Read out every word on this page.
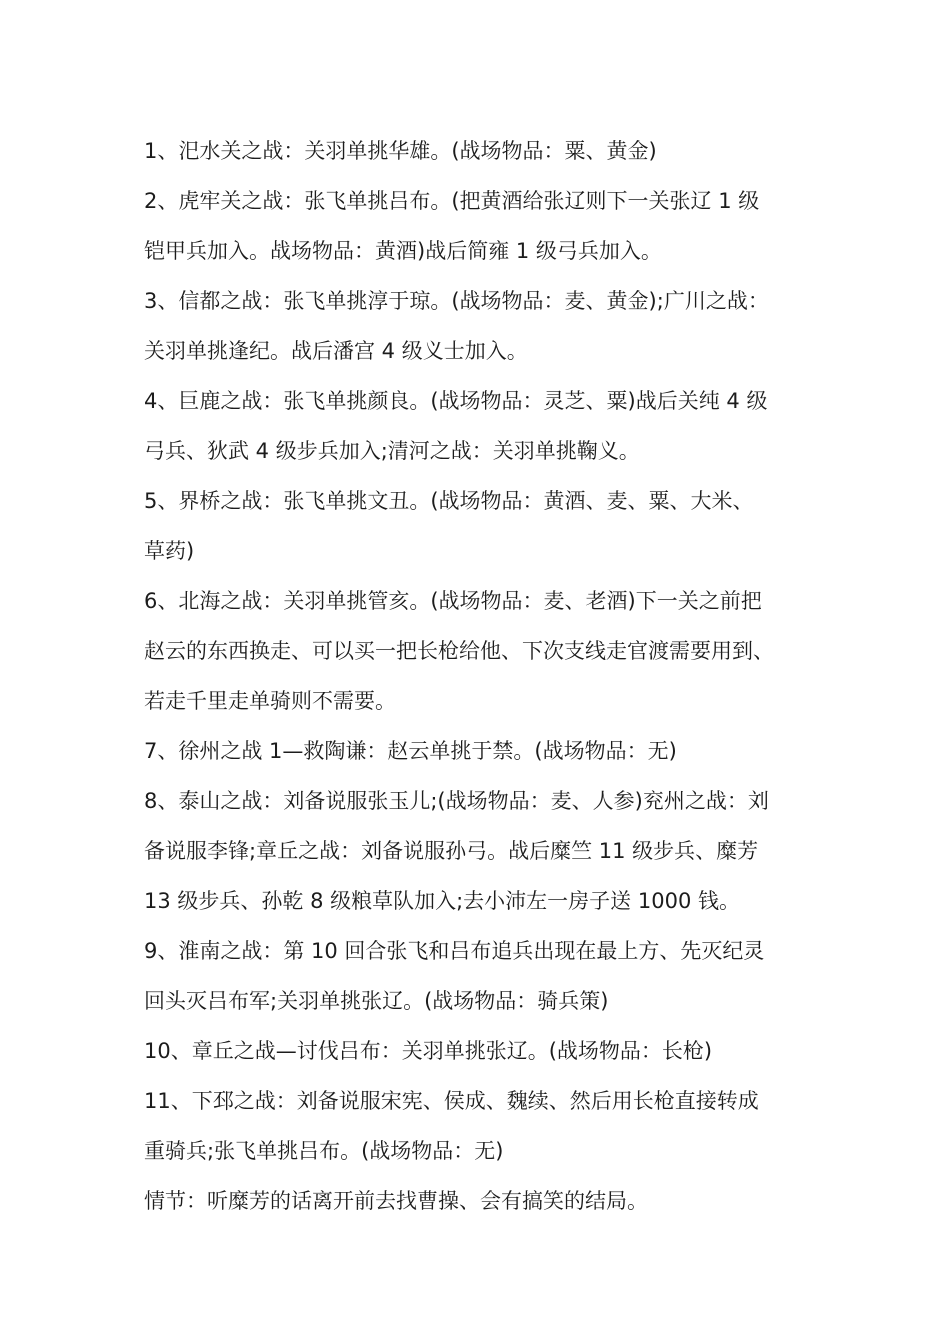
1、汜水关之战：关羽单挑华雄。(战场物品：粟、黄金)
2、虎牢关之战：张飞单挑吕布。(把黄酒给张辽则下一关张辽 1 级
铠甲兵加入。战场物品：黄酒)战后简雍 1 级弓兵加入。
3、信都之战：张飞单挑淳于琼。(战场物品：麦、黄金);广川之战：
关羽单挑逢纪。战后潘宫 4 级义士加入。
4、巨鹿之战：张飞单挑颜良。(战场物品：灵芝、粟)战后关纯 4 级
弓兵、狄武 4 级步兵加入;清河之战：关羽单挑鞠义。
5、界桥之战：张飞单挑文丑。(战场物品：黄酒、麦、粟、大米、
草药)
6、北海之战：关羽单挑管亥。(战场物品：麦、老酒)下一关之前把
赵云的东西换走、可以买一把长枪给他、下次支线走官渡需要用到、
若走千里走单骑则不需要。
7、徐州之战 1—救陶谦：赵云单挑于禁。(战场物品：无)
8、泰山之战：刘备说服张玉儿;(战场物品：麦、人参)兖州之战：刘
备说服李锋;章丘之战：刘备说服孙弓。战后糜竺 11 级步兵、糜芳
13 级步兵、孙乾 8 级粮草队加入;去小沛左一房子送 1000 钱。
9、淮南之战：第 10 回合张飞和吕布追兵出现在最上方、先灭纪灵
回头灭吕布军;关羽单挑张辽。(战场物品：骑兵策)
10、章丘之战—讨伐吕布：关羽单挑张辽。(战场物品：长枪)
11、下邳之战：刘备说服宋宪、侯成、魏续、然后用长枪直接转成
重骑兵;张飞单挑吕布。(战场物品：无)
情节：听糜芳的话离开前去找曹操、会有搞笑的结局。
